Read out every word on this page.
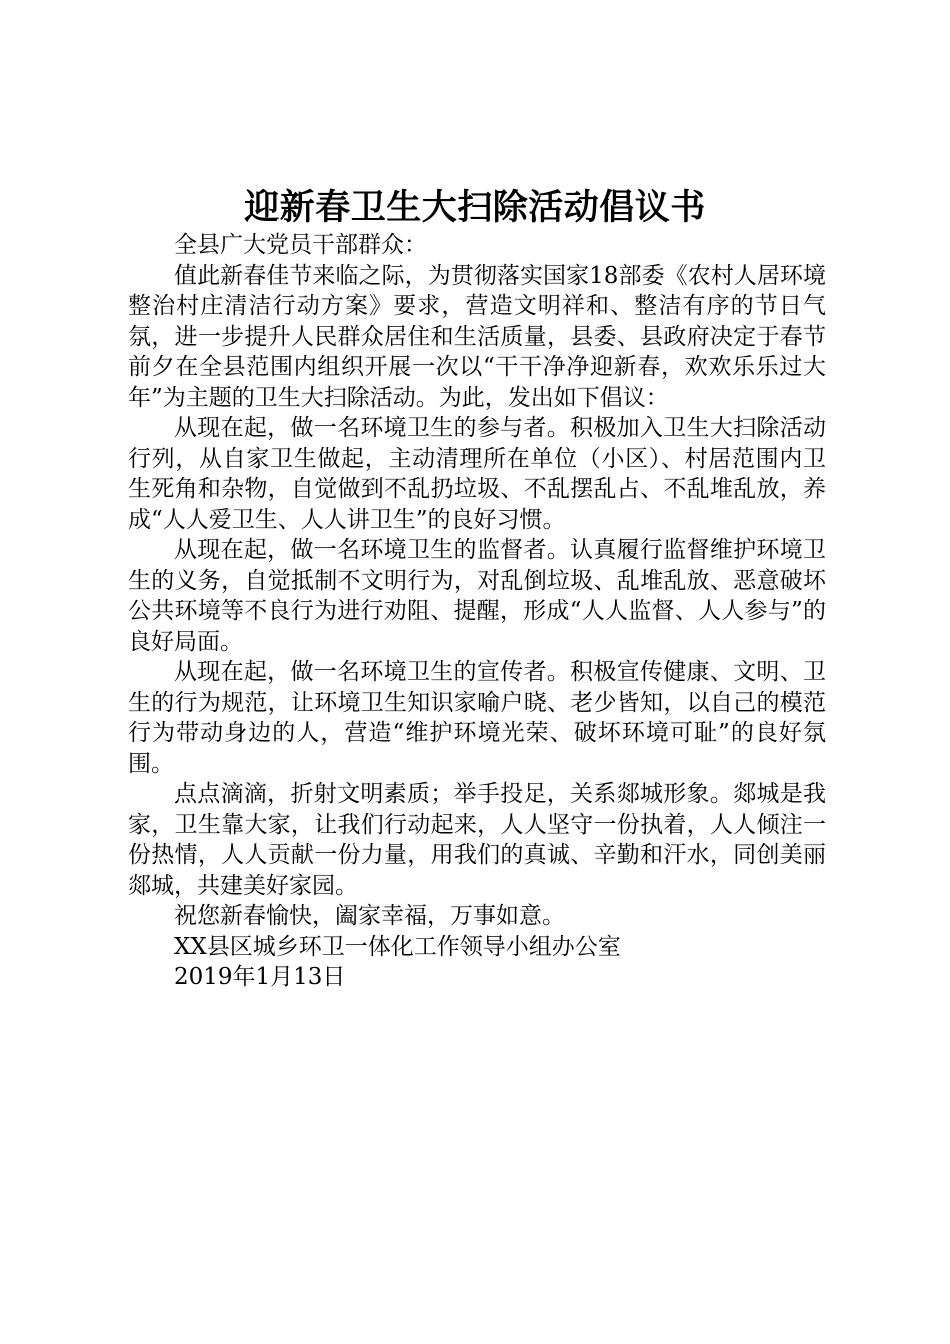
迎新春卫生大扫除活动倡议书

全县广大党员干部群众：

值此新春佳节来临之际，为贯彻落实国家18部委《农村人居环境整治村庄清洁行动方案》要求，营造文明祥和、整洁有序的节日气氛，进一步提升人民群众居住和生活质量，县委、县政府决定于春节前夕在全县范围内组织开展一次以“干干净净迎新春，欢欢乐乐过大年”为主题的卫生大扫除活动。为此，发出如下倡议：

从现在起，做一名环境卫生的参与者。积极加入卫生大扫除活动行列，从自家卫生做起，主动清理所在单位（小区）、村居范围内卫生死角和杂物，自觉做到不乱扔垃圾、不乱摆乱占、不乱堆乱放，养成“人人爱卫生、人人讲卫生”的良好习惯。

从现在起，做一名环境卫生的监督者。认真履行监督维护环境卫生的义务，自觉抵制不文明行为，对乱倒垃圾、乱堆乱放、恶意破坏公共环境等不良行为进行劝阻、提醒，形成“人人监督、人人参与”的良好局面。

从现在起，做一名环境卫生的宣传者。积极宣传健康、文明、卫生的行为规范，让环境卫生知识家喻户晓、老少皆知，以自己的模范行为带动身边的人，营造“维护环境光荣、破坏环境可耻”的良好氛围。

点点滴滴，折射文明素质；举手投足，关系郯城形象。郯城是我家，卫生靠大家，让我们行动起来，人人坚守一份执着，人人倾注一份热情，人人贡献一份力量，用我们的真诚、辛勤和汗水，同创美丽郯城，共建美好家园。

祝您新春愉快，阖家幸福，万事如意。

XX县区城乡环卫一体化工作领导小组办公室

2019年1月13日
